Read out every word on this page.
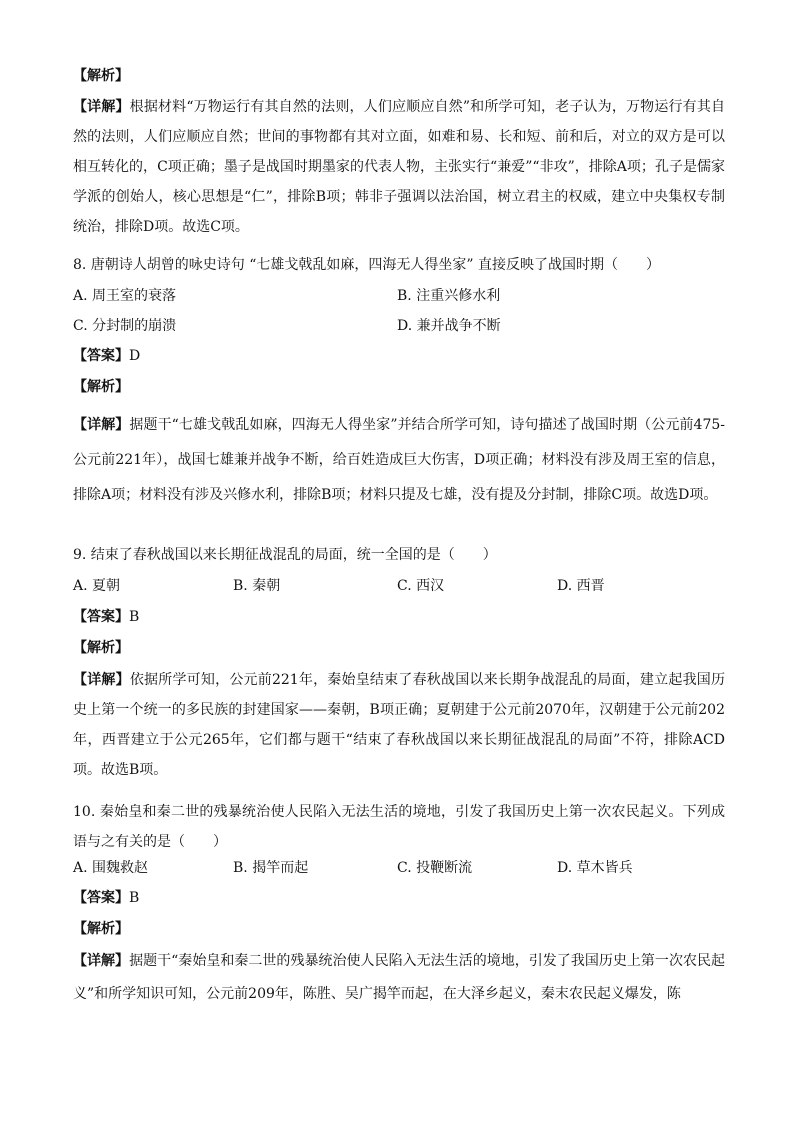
【解析】
【详解】根据材料“万物运行有其自然的法则，人们应顺应自然”和所学可知，老子认为，万物运行有其自然的法则，人们应顺应自然；世间的事物都有其对立面，如难和易、长和短、前和后，对立的双方是可以相互转化的，C项正确；墨子是战国时期墨家的代表人物，主张实行“兼爱”“非攻”，排除A项；孔子是儒家学派的创始人，核心思想是“仁”，排除B项；韩非子强调以法治国，树立君主的权威，建立中央集权专制统治，排除D项。故选C项。
8. 唐朝诗人胡曾的咏史诗句 “七雄戈戟乱如麻，四海无人得坐家” 直接反映了战国时期（　　）
A. 周王室的衰落	B. 注重兴修水利
C. 分封制的崩溃	D. 兼并战争不断
【答案】D
【解析】
【详解】据题干“七雄戈戟乱如麻，四海无人得坐家”并结合所学可知，诗句描述了战国时期（公元前475-公元前221年），战国七雄兼并战争不断，给百姓造成巨大伤害，D项正确；材料没有涉及周王室的信息，排除A项；材料没有涉及兴修水利，排除B项；材料只提及七雄，没有提及分封制，排除C项。故选D项。
9. 结束了春秋战国以来长期征战混乱的局面，统一全国的是（　　）
A. 夏朝	B. 秦朝	C. 西汉	D. 西晋
【答案】B
【解析】
【详解】依据所学可知，公元前221年，秦始皇结束了春秋战国以来长期争战混乱的局面，建立起我国历史上第一个统一的多民族的封建国家——秦朝，B项正确；夏朝建于公元前2070年，汉朝建于公元前202年，西晋建立于公元265年，它们都与题干“结束了春秋战国以来长期征战混乱的局面”不符，排除ACD项。故选B项。
10. 秦始皇和秦二世的残暴统治使人民陷入无法生活的境地，引发了我国历史上第一次农民起义。下列成语与之有关的是（　　）
A. 围魏救赵	B. 揭竿而起	C. 投鞭断流	D. 草木皆兵
【答案】B
【解析】
【详解】据题干“秦始皇和秦二世的残暴统治使人民陷入无法生活的境地，引发了我国历史上第一次农民起义”和所学知识可知，公元前209年，陈胜、吴广揭竿而起，在大泽乡起义，秦末农民起义爆发，陈
